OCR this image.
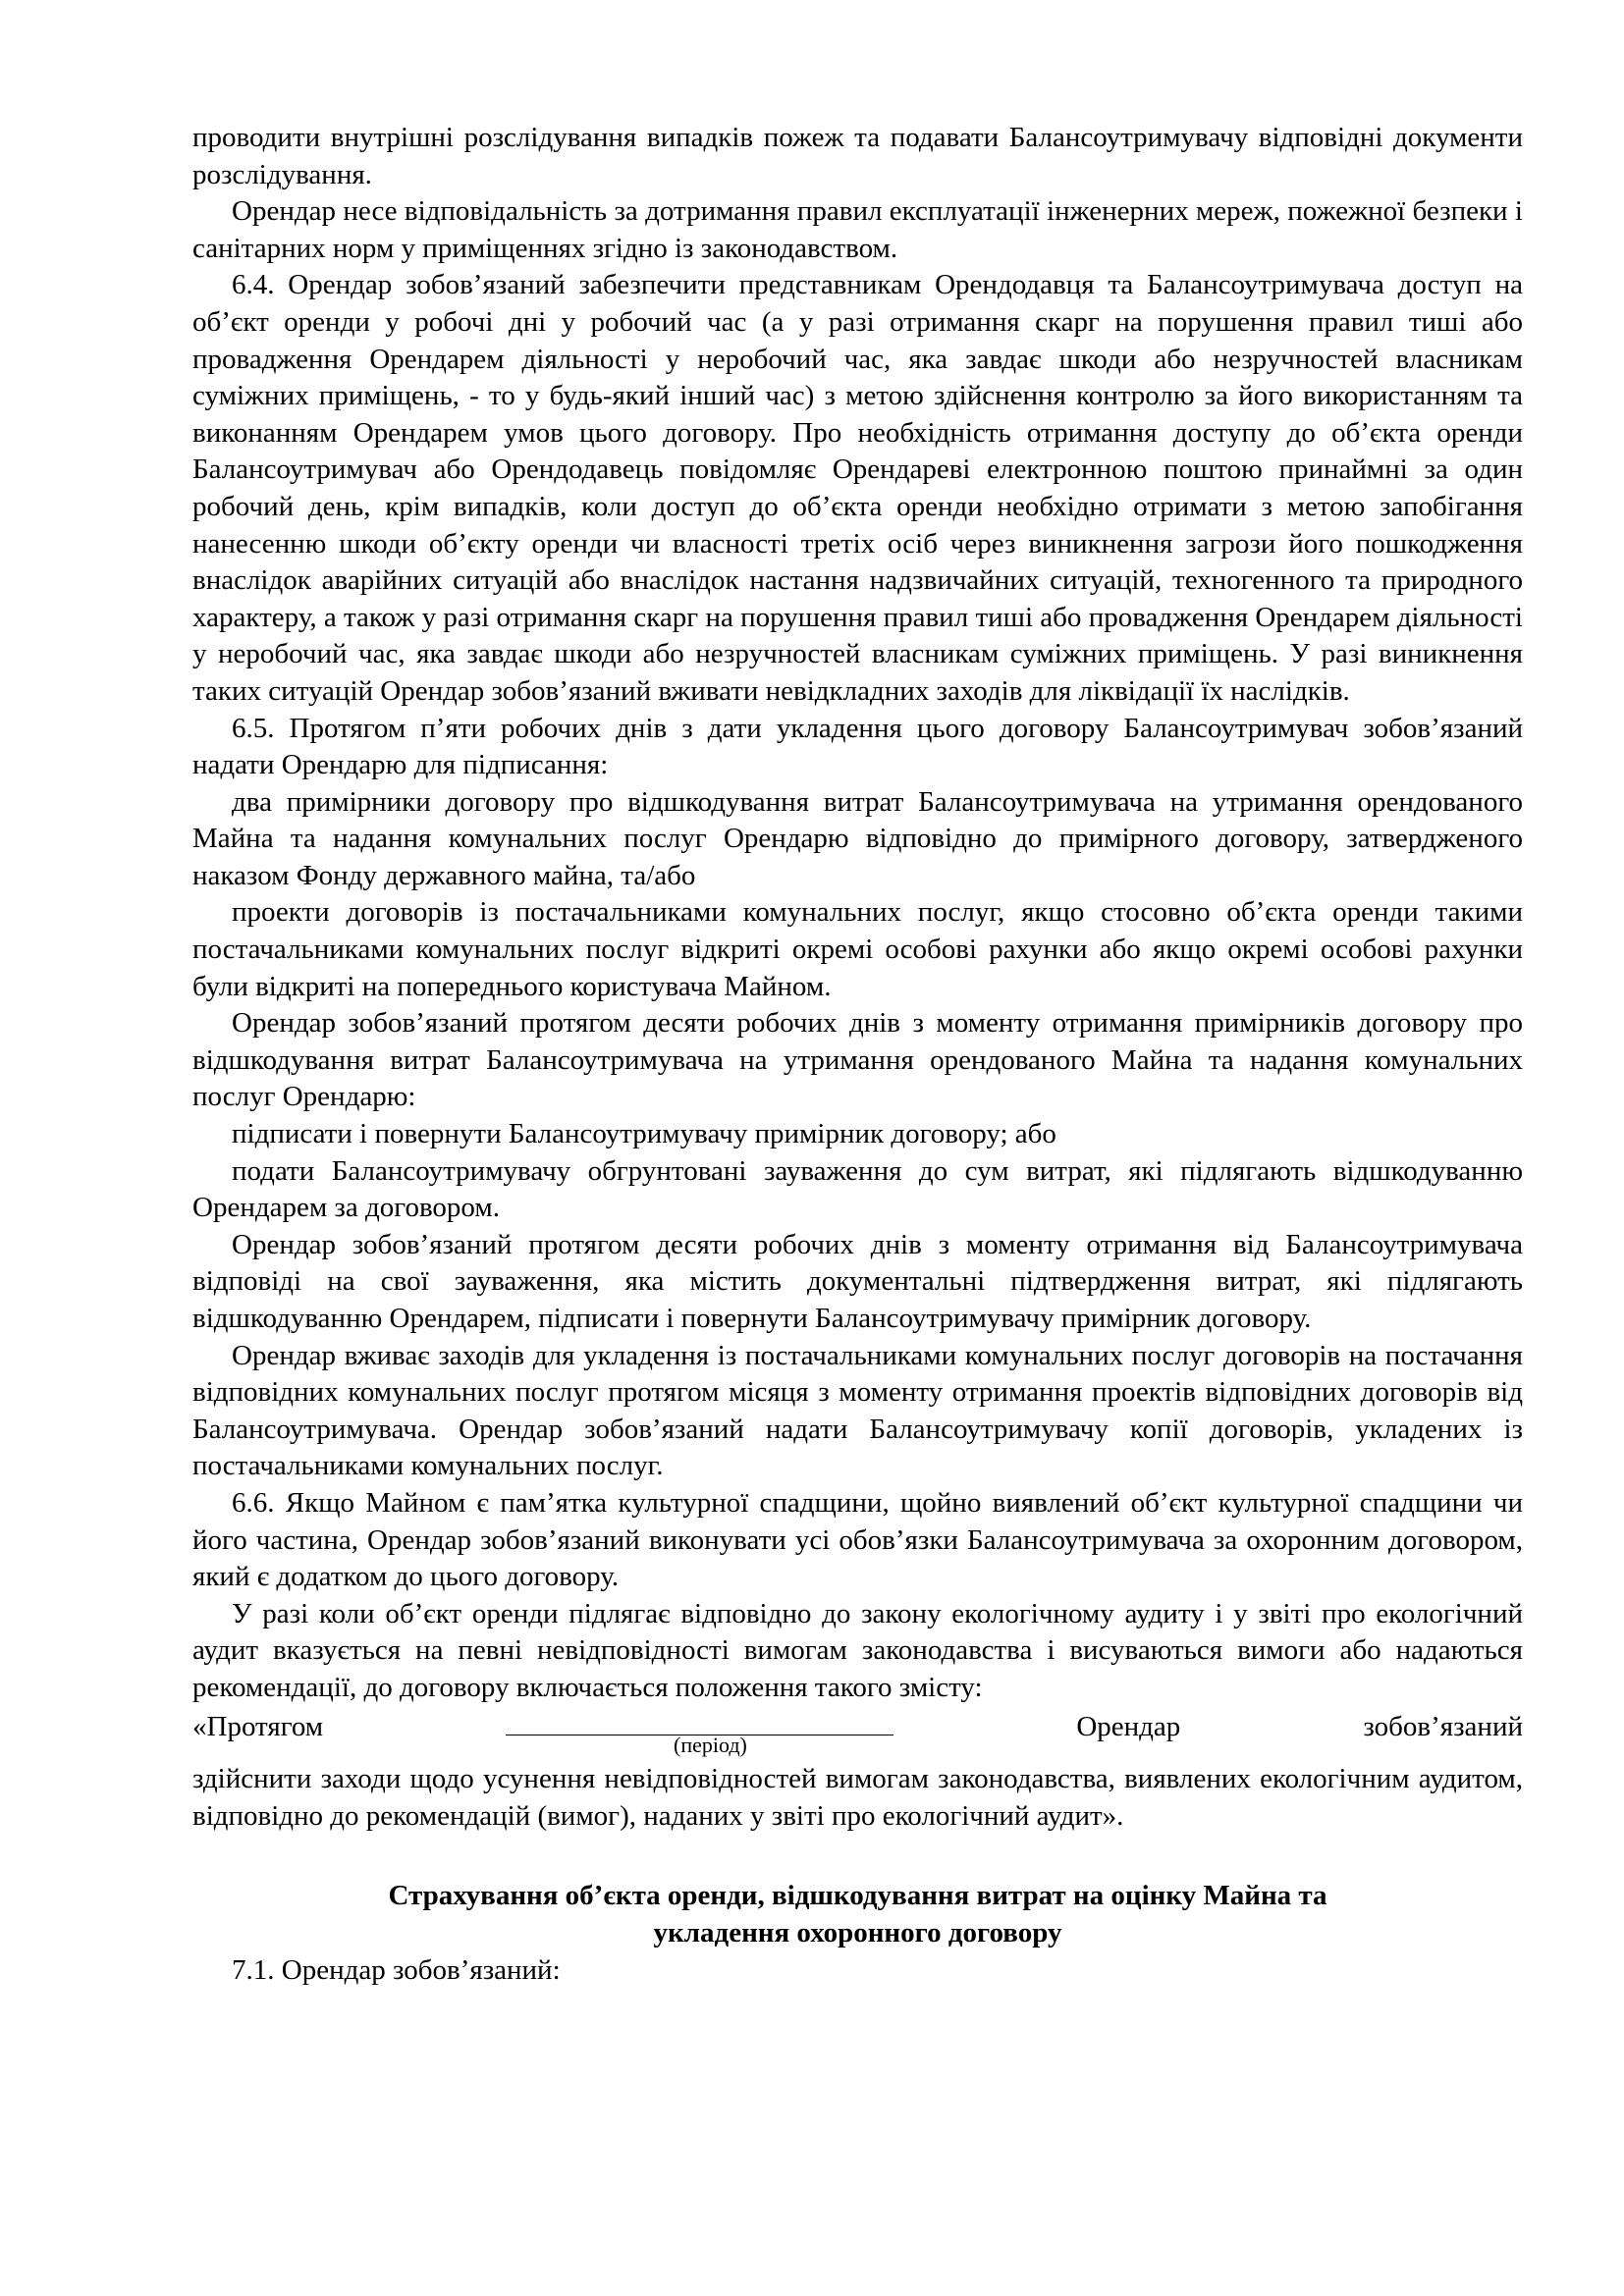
проводити внутрішні розслідування випадків пожеж та подавати Балансоутримувачу відповідні документи розслідування.

Орендар несе відповідальність за дотримання правил експлуатації інженерних мереж, пожежної безпеки і санітарних норм у приміщеннях згідно із законодавством.

6.4. Орендар зобов’язаний забезпечити представникам Орендодавця та Балансоутримувача доступ на об’єкт оренди у робочі дні у робочий час (а у разі отримання скарг на порушення правил тиші або провадження Орендарем діяльності у неробочий час, яка завдає шкоди або незручностей власникам суміжних приміщень, - то у будь-який інший час) з метою здійснення контролю за його використанням та виконанням Орендарем умов цього договору. Про необхідність отримання доступу до об’єкта оренди Балансоутримувач або Орендодавець повідомляє Орендареві електронною поштою принаймні за один робочий день, крім випадків, коли доступ до об’єкта оренди необхідно отримати з метою запобігання нанесенню шкоди об’єкту оренди чи власності третіх осіб через виникнення загрози його пошкодження внаслідок аварійних ситуацій або внаслідок настання надзвичайних ситуацій, техногенного та природного характеру, а також у разі отримання скарг на порушення правил тиші або провадження Орендарем діяльності у неробочий час, яка завдає шкоди або незручностей власникам суміжних приміщень. У разі виникнення таких ситуацій Орендар зобов’язаний вживати невідкладних заходів для ліквідації їх наслідків.

6.5. Протягом п’яти робочих днів з дати укладення цього договору Балансоутримувач зобов’язаний надати Орендарю для підписання:

два примірники договору про відшкодування витрат Балансоутримувача на утримання орендованого Майна та надання комунальних послуг Орендарю відповідно до примірного договору, затвердженого наказом Фонду державного майна, та/або

проекти договорів із постачальниками комунальних послуг, якщо стосовно об’єкта оренди такими постачальниками комунальних послуг відкриті окремі особові рахунки або якщо окремі особові рахунки були відкриті на попереднього користувача Майном.

Орендар зобов’язаний протягом десяти робочих днів з моменту отримання примірників договору про відшкодування витрат Балансоутримувача на утримання орендованого Майна та надання комунальних послуг Орендарю:

підписати і повернути Балансоутримувачу примірник договору; або

подати Балансоутримувачу обгрунтовані зауваження до сум витрат, які підлягають відшкодуванню Орендарем за договором.

Орендар зобов’язаний протягом десяти робочих днів з моменту отримання від Балансоутримувача відповіді на свої зауваження, яка містить документальні підтвердження витрат, які підлягають відшкодуванню Орендарем, підписати і повернути Балансоутримувачу примірник договору.

Орендар вживає заходів для укладення із постачальниками комунальних послуг договорів на постачання відповідних комунальних послуг протягом місяця з моменту отримання проектів відповідних договорів від Балансоутримувача. Орендар зобов’язаний надати Балансоутримувачу копії договорів, укладених із постачальниками комунальних послуг.

6.6. Якщо Майном є пам’ятка культурної спадщини, щойно виявлений об’єкт культурної спадщини чи його частина, Орендар зобов’язаний виконувати усі обов’язки Балансоутримувача за охоронним договором, який є додатком до цього договору.

У разі коли об’єкт оренди підлягає відповідно до закону екологічному аудиту і у звіті про екологічний аудит вказується на певні невідповідності вимогам законодавства і висуваються вимоги або надаються рекомендації, до договору включається положення такого змісту:

«Протягом	Орендар	зобов’язаний
(період)

здійснити заходи щодо усунення невідповідностей вимогам законодавства, виявлених екологічним аудитом, відповідно до рекомендацій (вимог), наданих у звіті про екологічний аудит».

Страхування об’єкта оренди, відшкодування витрат на оцінку Майна та
укладення охоронного договору

7.1. Орендар зобов’язаний:
